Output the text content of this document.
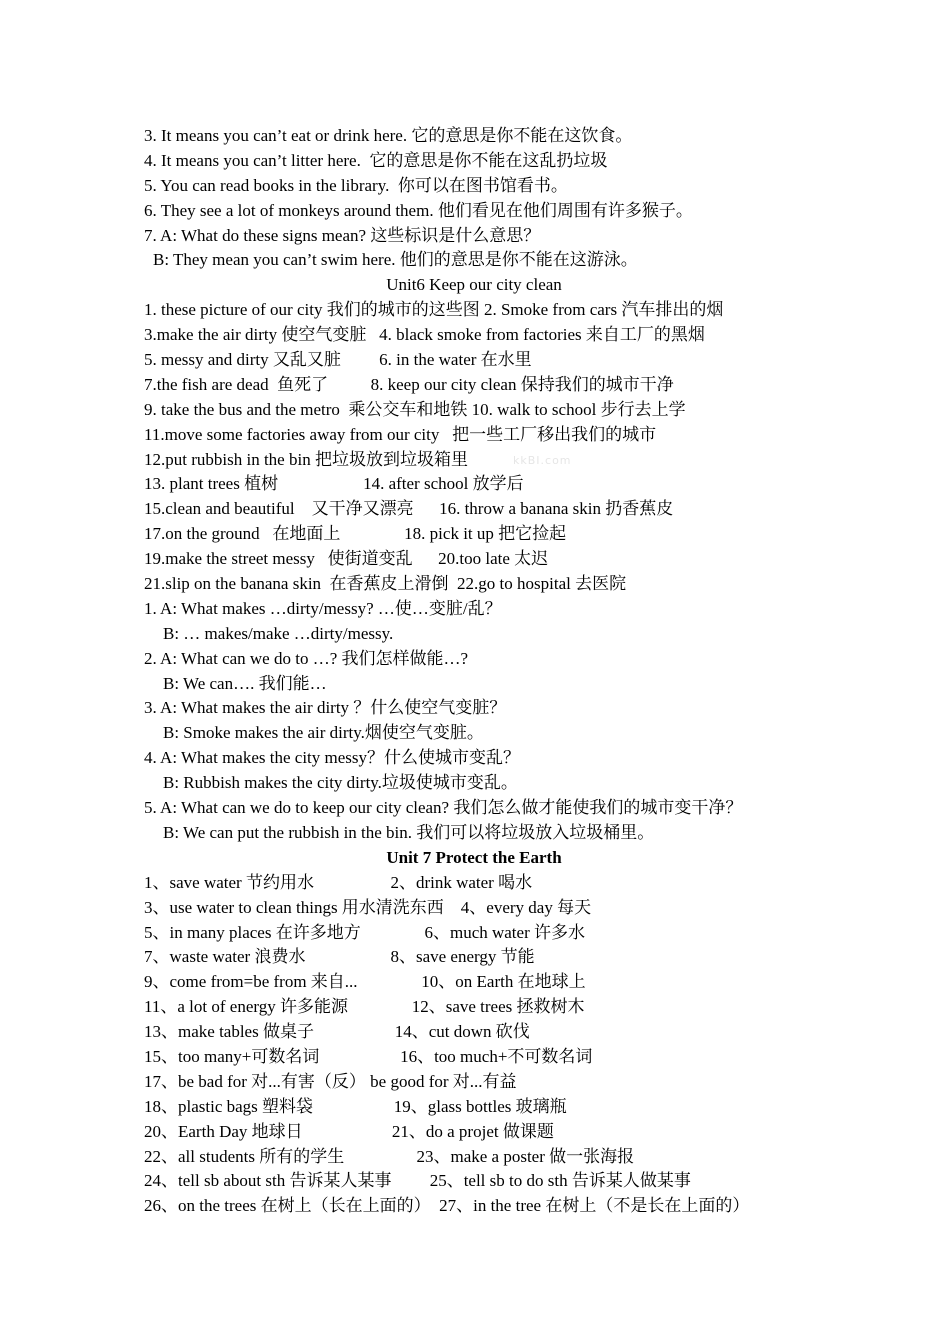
kkBI.com
3. It means you can’t eat or drink here. 它的意思是你不能在这饮食。
4. It means you can’t litter here.  它的意思是你不能在这乱扔垃圾
5. You can read books in the library.  你可以在图书馆看书。
6. They see a lot of monkeys around them. 他们看见在他们周围有许多猴子。
7. A: What do these signs mean? 这些标识是什么意思？
B: They mean you can’t swim here. 他们的意思是你不能在这游泳。
Unit6 Keep our city clean
1. these picture of our city 我们的城市的这些图 2. Smoke from cars 汽车排出的烟
3.make the air dirty 使空气变脏   4. black smoke from factories 来自工厂的黑烟
5. messy and dirty 又乱又脏         6. in the water 在水里
7.the fish are dead  鱼死了          8. keep our city clean 保持我们的城市干净
9. take the bus and the metro  乘公交车和地铁 10. walk to school 步行去上学
11.move some factories away from our city   把一些工厂移出我们的城市
12.put rubbish in the bin 把垃圾放到垃圾箱里
13. plant trees 植树                    14. after school 放学后
15.clean and beautiful    又干净又漂亮      16. throw a banana skin 扔香蕉皮
17.on the ground   在地面上               18. pick it up 把它捡起
19.make the street messy   使街道变乱      20.too late 太迟
21.slip on the banana skin  在香蕉皮上滑倒  22.go to hospital 去医院
1. A: What makes …dirty/messy? …使…变脏/乱？
B: … makes/make …dirty/messy.
2. A: What can we do to …? 我们怎样做能…?
B: We can…. 我们能…
3. A: What makes the air dirty ？什么使空气变脏？
B: Smoke makes the air dirty.烟使空气变脏。
4. A: What makes the city messy？什么使城市变乱？
B: Rubbish makes the city dirty.垃圾使城市变乱。
5. A: What can we do to keep our city clean? 我们怎么做才能使我们的城市变干净？
B: We can put the rubbish in the bin. 我们可以将垃圾放入垃圾桶里。
Unit 7 Protect the Earth
1、save water 节约用水                  2、drink water 喝水
3、use water to clean things 用水清洗东西    4、every day 每天
5、in many places 在许多地方               6、much water 许多水
7、waste water 浪费水                    8、save energy 节能
9、come from=be from 来自...               10、on Earth 在地球上
11、a lot of energy 许多能源               12、save trees 拯救树木
13、make tables 做桌子                   14、cut down 砍伐
15、too many+可数名词                   16、too much+不可数名词
17、be bad for 对...有害（反） be good for 对...有益
18、plastic bags 塑料袋                   19、glass bottles 玻璃瓶
20、Earth Day 地球日                     21、do a projet 做课题
22、all students 所有的学生                 23、make a poster 做一张海报
24、tell sb about sth 告诉某人某事         25、tell sb to do sth 告诉某人做某事
26、on the trees 在树上（长在上面的）  27、in the tree 在树上（不是长在上面的）
